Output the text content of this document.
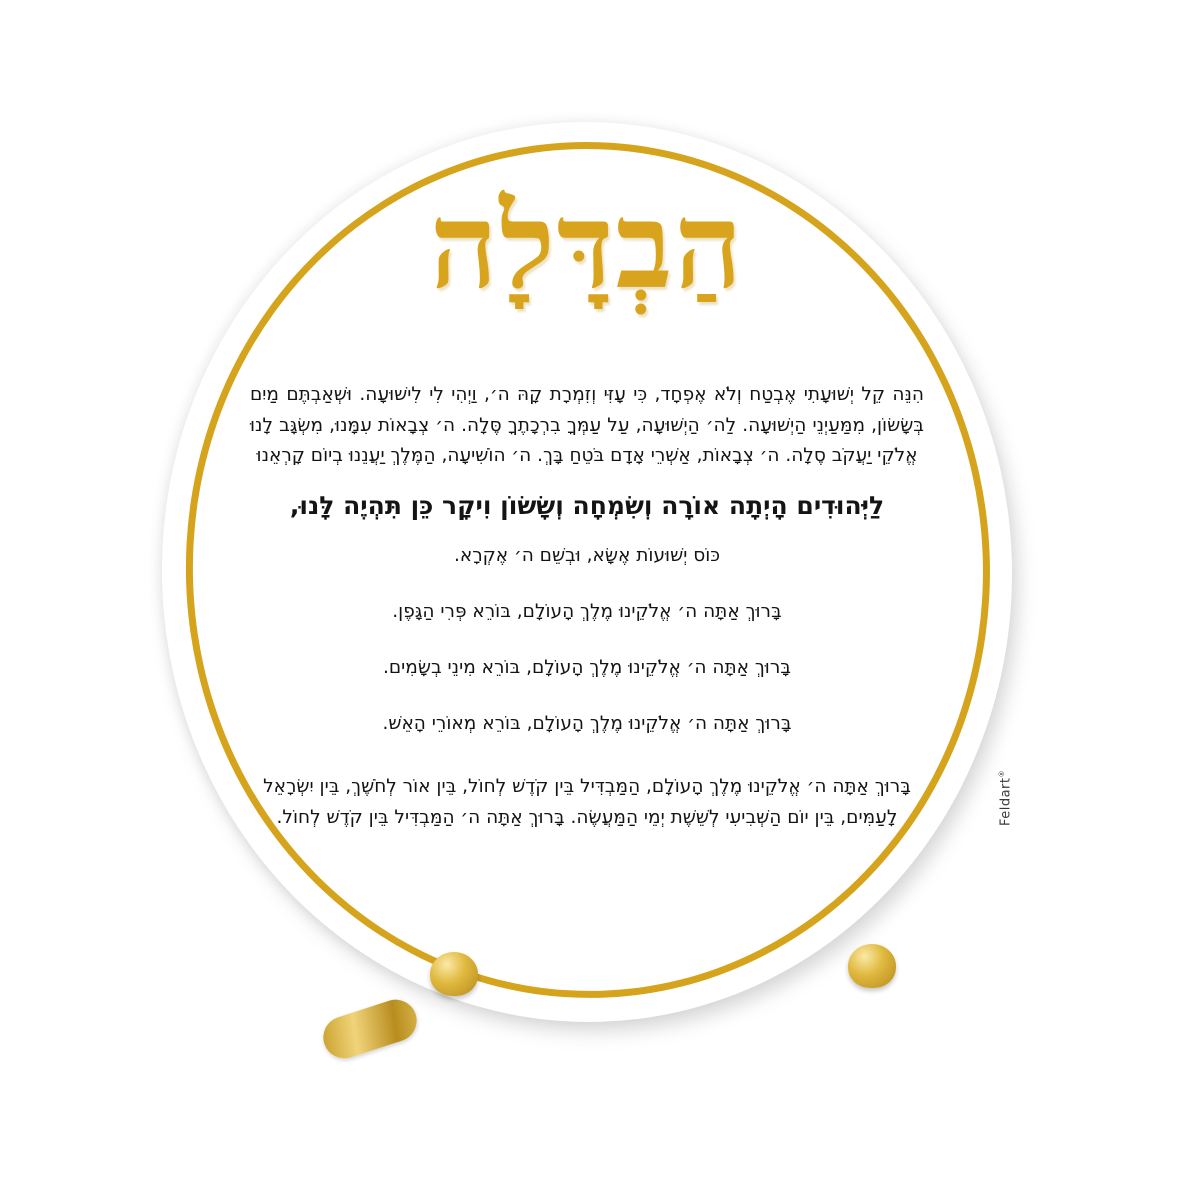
הַבְדָּלָה

הִנֵּה קֵל יְשׁוּעָתִי אֶבְטַח וְלֹא אֶפְחָד, כִּי עָזִּי וְזִמְרָת קָהּ ה׳, וַיְהִי לִי לִישׁוּעָה. וּשְׁאַבְתֶּם מַיִם בְּשָׂשׂוֹן, מִמַּעַיְנֵי הַיְשׁוּעָה. לַה׳ הַיְשׁוּעָה, עַל עַמְּךָ בִרְכָתֶךָ סֶּלָה. ה׳ צְבָאוֹת עִמָּנוּ, מִשְׂגָּב לָנוּ אֱלֹקֵי יַעֲקֹב סֶלָה. ה׳ צְבָאוֹת, אַשְׁרֵי אָדָם בֹּטֵחַ בָּךְ. ה׳ הוֹשִׁיעָה, הַמֶּלֶךְ יַעֲנֵנוּ בְיוֹם קָרְאֵנוּ

לַיְּהוּדִים הָיְתָה אוֹרָה וְשִׂמְחָה וְשָׂשׂוֹן וִיקָר כֵּן תִּהְיֶה לָּנוּ,

כּוֹס יְשׁוּעוֹת אֶשָּׂא, וּבְשֵׁם ה׳ אֶקְרָא.

בָּרוּךְ אַתָּה ה׳ אֱלֹקֵינוּ מֶלֶךְ הָעוֹלָם, בּוֹרֵא פְּרִי הַגָּפֶן.

בָּרוּךְ אַתָּה ה׳ אֱלֹקֵינוּ מֶלֶךְ הָעוֹלָם, בּוֹרֵא מִינֵי בְשָׂמִים.

בָּרוּךְ אַתָּה ה׳ אֱלֹקֵינוּ מֶלֶךְ הָעוֹלָם, בּוֹרֵא מְאוֹרֵי הָאֵשׁ.

בָּרוּךְ אַתָּה ה׳ אֱלֹקֵינוּ מֶלֶךְ הָעוֹלָם, הַמַּבְדִּיל בֵּין קֹדֶשׁ לְחוֹל, בֵּין אוֹר לְחֹשֶׁךְ, בֵּין יִשְׂרָאֵל לָעַמִּים, בֵּין יוֹם הַשְּׁבִיעִי לְשֵׁשֶׁת יְמֵי הַמַּעֲשֶׂה. בָּרוּךְ אַתָּה ה׳ הַמַּבְדִּיל בֵּין קֹדֶשׁ לְחוֹל.	Feldart®
